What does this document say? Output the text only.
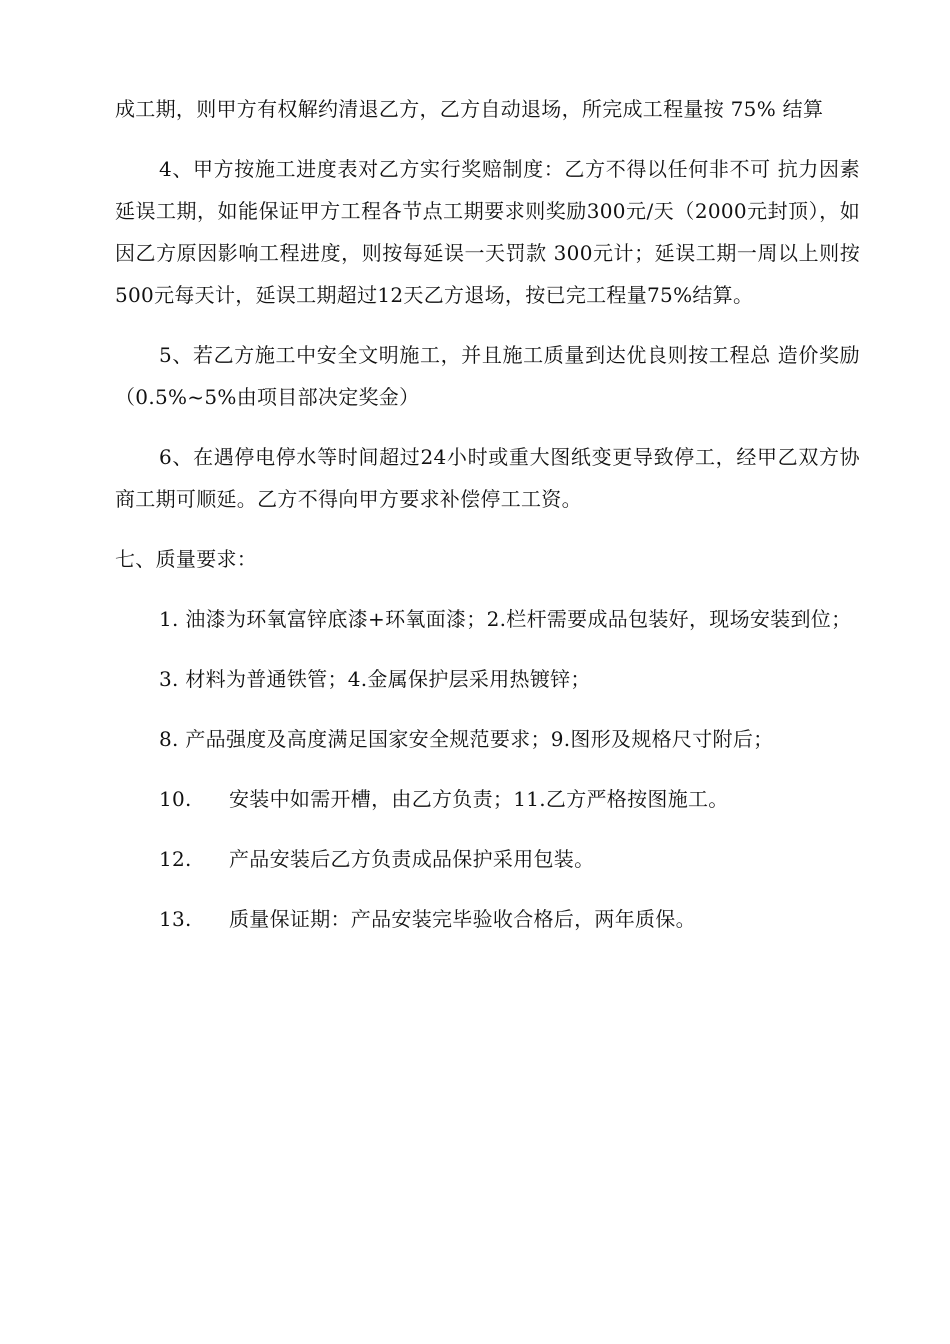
成工期，则甲方有权解约清退乙方，乙方自动退场，所完成工程量按 75% 结算

4、甲方按施工进度表对乙方实行奖赔制度：乙方不得以任何非不可 抗力因素延误工期，如能保证甲方工程各节点工期要求则奖励300元/天（2000元封顶），如因乙方原因影响工程进度，则按每延误一天罚款 300元计；延误工期一周以上则按500元每天计，延误工期超过12天乙方退场，按已完工程量75%结算。

5、若乙方施工中安全文明施工，并且施工质量到达优良则按工程总 造价奖励（0.5%~5%由项目部决定奖金）

6、在遇停电停水等时间超过24小时或重大图纸变更导致停工，经甲乙双方协商工期可顺延。乙方不得向甲方要求补偿停工工资。

七、质量要求：

1. 油漆为环氧富锌底漆+环氧面漆；2.栏杆需要成品包装好，现场安装到位；

3. 材料为普通铁管；4.金属保护层采用热镀锌；

8. 产品强度及高度满足国家安全规范要求；9.图形及规格尺寸附后；

10.	安装中如需开槽，由乙方负责；11.乙方严格按图施工。
12.	产品安装后乙方负责成品保护采用包装。
13.	质量保证期：产品安装完毕验收合格后，两年质保。
